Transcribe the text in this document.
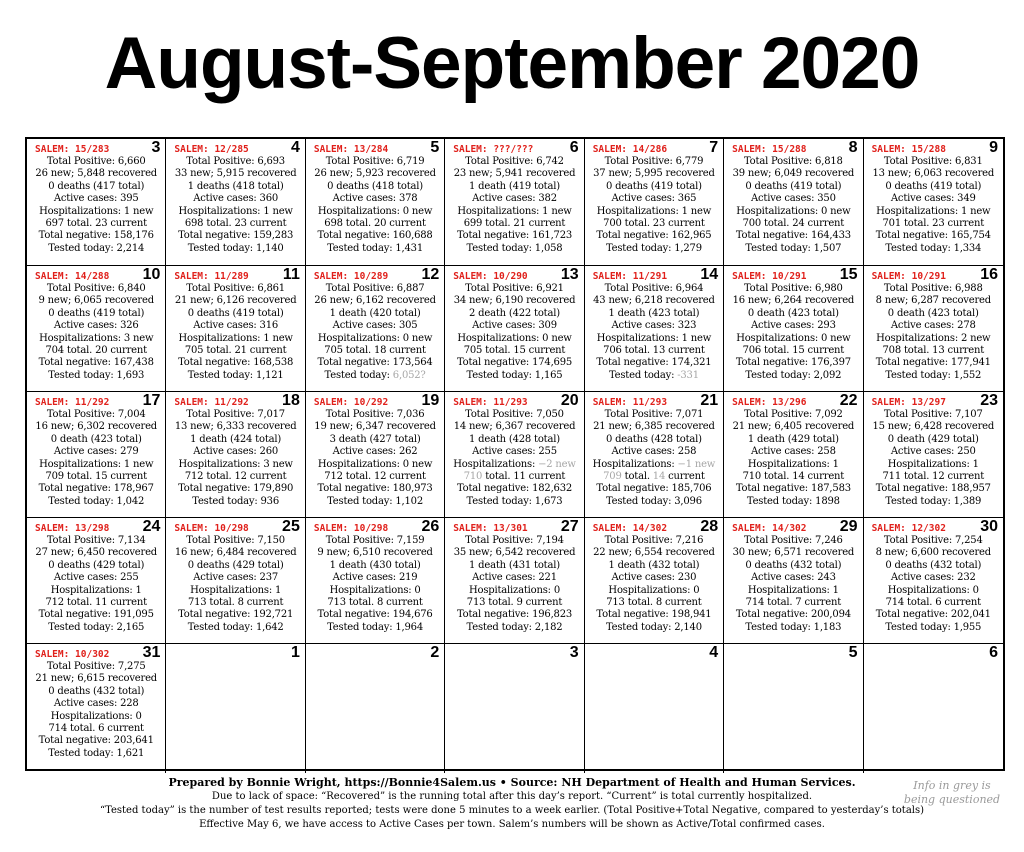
August-September 2020
SALEM: 15/283	3
Total Positive: 6,660
26 new; 5,848 recovered
0 deaths (417 total)
Active cases: 395
Hospitalizations: 1 new
697 total. 23 current
Total negative: 158,176
Tested today: 2,214
SALEM: 12/285	4
Total Positive: 6,693
33 new; 5,915 recovered
1 deaths (418 total)
Active cases: 360
Hospitalizations: 1 new
698 total. 23 current
Total negative: 159,283
Tested today: 1,140
SALEM: 13/284	5
Total Positive: 6,719
26 new; 5,923 recovered
0 deaths (418 total)
Active cases: 378
Hospitalizations: 0 new
698 total. 20 current
Total negative: 160,688
Tested today: 1,431
SALEM: ???/??? 6
Total Positive: 6,742
23 new; 5,941 recovered
1 death (419 total)
Active cases: 382
Hospitalizations: 1 new
699 total. 21 current
Total negative: 161,723
Tested today: 1,058
SALEM: 14/286	7
Total Positive: 6,779
37 new; 5,995 recovered
0 deaths (419 total)
Active cases: 365
Hospitalizations: 1 new
700 total. 23 current
Total negative: 162,965
Tested today: 1,279
SALEM: 15/288	8
Total Positive: 6,818
39 new; 6,049 recovered
0 deaths (419 total)
Active cases: 350
Hospitalizations: 0 new
700 total. 24 current
Total negative: 164,433
Tested today: 1,507
SALEM: 15/288	9
Total Positive: 6,831
13 new; 6,063 recovered
0 deaths (419 total)
Active cases: 349
Hospitalizations: 1 new
701 total. 23 current
Total negative: 165,754
Tested today: 1,334
SALEM: 14/288 10
Total Positive: 6,840
9 new; 6,065 recovered
0 deaths (419 total)
Active cases: 326
Hospitalizations: 3 new
704 total. 20 current
Total negative: 167,438
Tested today: 1,693
SALEM: 11/289 11
Total Positive: 6,861
21 new; 6,126 recovered
0 deaths (419 total)
Active cases: 316
Hospitalizations: 1 new
705 total. 21 current
Total negative: 168,538
Tested today: 1,121
SALEM: 10/289 12
Total Positive: 6,887
26 new; 6,162 recovered
1 death (420 total)
Active cases: 305
Hospitalizations: 0 new
705 total. 18 current
Total negative: 173,564
Tested today: 6,052?
SALEM: 10/290 13
Total Positive: 6,921
34 new; 6,190 recovered
2 death (422 total)
Active cases: 309
Hospitalizations: 0 new
705 total. 15 current
Total negative: 174,695
Tested today: 1,165
SALEM: 11/291 14
Total Positive: 6,964
43 new; 6,218 recovered
1 death (423 total)
Active cases: 323
Hospitalizations: 1 new
706 total. 13 current
Total negative: 174,321
Tested today: -331
SALEM: 10/291 15
Total Positive: 6,980
16 new; 6,264 recovered
0 death (423 total)
Active cases: 293
Hospitalizations: 0 new
706 total. 15 current
Total negative: 176,397
Tested today: 2,092
SALEM: 10/291 16
Total Positive: 6,988
8 new; 6,287 recovered
0 death (423 total)
Active cases: 278
Hospitalizations: 2 new
708 total. 13 current
Total negative: 177,941
Tested today: 1,552
SALEM: 11/292 17
Total Positive: 7,004
16 new; 6,302 recovered
0 death (423 total)
Active cases: 279
Hospitalizations: 1 new
709 total. 15 current
Total negative: 178,967
Tested today: 1,042
SALEM: 11/292 18
Total Positive: 7,017
13 new; 6,333 recovered
1 death (424 total)
Active cases: 260
Hospitalizations: 3 new
712 total. 12 current
Total negative: 179,890
Tested today: 936
SALEM: 10/292 19
Total Positive: 7,036
19 new; 6,347 recovered
3 death (427 total)
Active cases: 262
Hospitalizations: 0 new
712 total. 12 current
Total negative: 180,973
Tested today: 1,102
SALEM: 11/293 20
Total Positive: 7,050
14 new; 6,367 recovered
1 death (428 total)
Active cases: 255
Hospitalizations: −2 new
710 total. 11 current
Total negative: 182,632
Tested today: 1,673
SALEM: 11/293 21
Total Positive: 7,071
21 new; 6,385 recovered
0 deaths (428 total)
Active cases: 258
Hospitalizations: −1 new
709 total. 14 current
Total negative: 185,706
Tested today: 3,096
SALEM: 13/296 22
Total Positive: 7,092
21 new; 6,405 recovered
1 death (429 total)
Active cases: 258
Hospitalizations: 1
710 total. 14 current
Total negative: 187,583
Tested today: 1898
SALEM: 13/297 23
Total Positive: 7,107
15 new; 6,428 recovered
0 death (429 total)
Active cases: 250
Hospitalizations: 1
711 total. 12 current
Total negative: 188,957
Tested today: 1,389
SALEM: 13/298 24
Total Positive: 7,134
27 new; 6,450 recovered
0 deaths (429 total)
Active cases: 255
Hospitalizations: 1
712 total. 11 current
Total negative: 191,095
Tested today: 2,165
SALEM: 10/298 25
Total Positive: 7,150
16 new; 6,484 recovered
0 deaths (429 total)
Active cases: 237
Hospitalizations: 1
713 total. 8 current
Total negative: 192,721
Tested today: 1,642
SALEM: 10/298 26
Total Positive: 7,159
9 new; 6,510 recovered
1 death (430 total)
Active cases: 219
Hospitalizations: 0
713 total. 8 current
Total negative: 194,676
Tested today: 1,964
SALEM: 13/301 27
Total Positive: 7,194
35 new; 6,542 recovered
1 death (431 total)
Active cases: 221
Hospitalizations: 0
713 total. 9 current
Total negative: 196,823
Tested today: 2,182
SALEM: 14/302 28
Total Positive: 7,216
22 new; 6,554 recovered
1 death (432 total)
Active cases: 230
Hospitalizations: 0
713 total. 8 current
Total negative: 198,941
Tested today: 2,140
SALEM: 14/302 29
Total Positive: 7,246
30 new; 6,571 recovered
0 deaths (432 total)
Active cases: 243
Hospitalizations: 1
714 total. 7 current
Total negative: 200,094
Tested today: 1,183
SALEM: 12/302 30
Total Positive: 7,254
8 new; 6,600 recovered
0 deaths (432 total)
Active cases: 232
Hospitalizations: 0
714 total. 6 current
Total negative: 202,041
Tested today: 1,955
SALEM: 10/302 31
Total Positive: 7,275
21 new; 6,615 recovered
0 deaths (432 total)
Active cases: 228
Hospitalizations: 0
714 total. 6 current
Total negative: 203,641
Tested today: 1,621
1	2	3	4	5	6
Prepared by Bonnie Wright, https://Bonnie4Salem.us • Source: NH Department of Health and Human Services.
Due to lack of space: “Recovered” is the running total after this day’s report. “Current” is total currently hospitalized.
“Tested today” is the number of test results reported; tests were done 5 minutes to a week earlier. (Total Positive+Total Negative, compared to yesterday’s totals)
Effective May 6, we have access to Active Cases per town. Salem’s numbers will be shown as Active/Total confirmed cases.
Info in grey is being questioned
